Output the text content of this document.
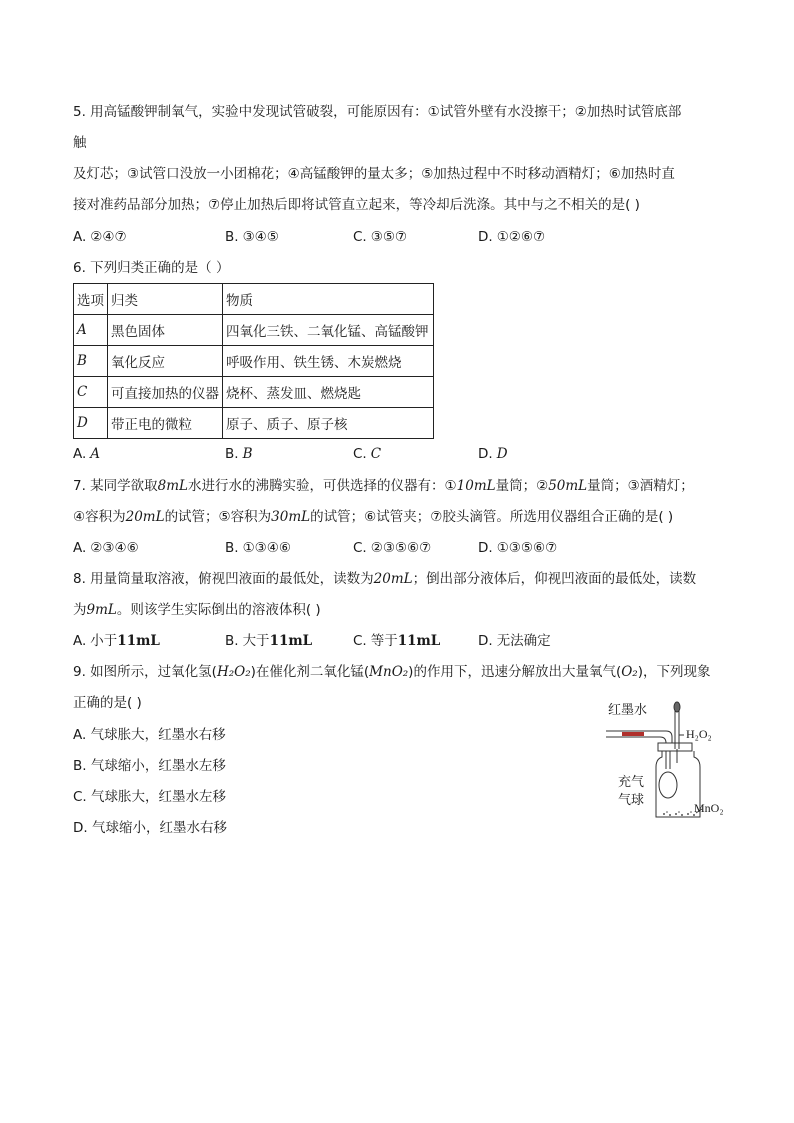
5. 用高锰酸钾制氧气，实验中发现试管破裂，可能原因有：①试管外壁有水没擦干；②加热时试管底部
触
及灯芯；③试管口没放一小团棉花；④高锰酸钾的量太多；⑤加热过程中不时移动酒精灯；⑥加热时直
接对准药品部分加热；⑦停止加热后即将试管直立起来，等冷却后洗涤。其中与之不相关的是( )
A. ②④⑦	B. ③④⑤	C. ③⑤⑦	D. ①②⑥⑦
6. 下列归类正确的是（ ）
选项	归类	物质
A	黑色固体	四氧化三铁、二氧化锰、高锰酸钾
B	氧化反应	呼吸作用、铁生锈、木炭燃烧
C	可直接加热的仪器	烧杯、蒸发皿、燃烧匙
D	带正电的微粒	原子、质子、原子核
A. A	B. B	C. C	D. D
7. 某同学欲取8mL水进行水的沸腾实验，可供选择的仪器有：①10mL量筒；②50mL量筒；③酒精灯；
④容积为20mL的试管；⑤容积为30mL的试管；⑥试管夹；⑦胶头滴管。所选用仪器组合正确的是( )
A. ②③④⑥	B. ①③④⑥	C. ②③⑤⑥⑦	D. ①③⑤⑥⑦
8. 用量筒量取溶液，俯视凹液面的最低处，读数为20mL；倒出部分液体后，仰视凹液面的最低处，读数
为9mL。则该学生实际倒出的溶液体积( )
A. 小于11mL	B. 大于11mL	C. 等于11mL	D. 无法确定
9. 如图所示，过氧化氢(H₂O₂)在催化剂二氧化锰(MnO₂)的作用下，迅速分解放出大量氧气(O₂)，下列现象
正确的是( )
A. 气球胀大，红墨水右移
B. 气球缩小，红墨水左移
C. 气球胀大，红墨水左移
D. 气球缩小，红墨水右移
红墨水
H₂O₂
充气
气球	MnO₂
